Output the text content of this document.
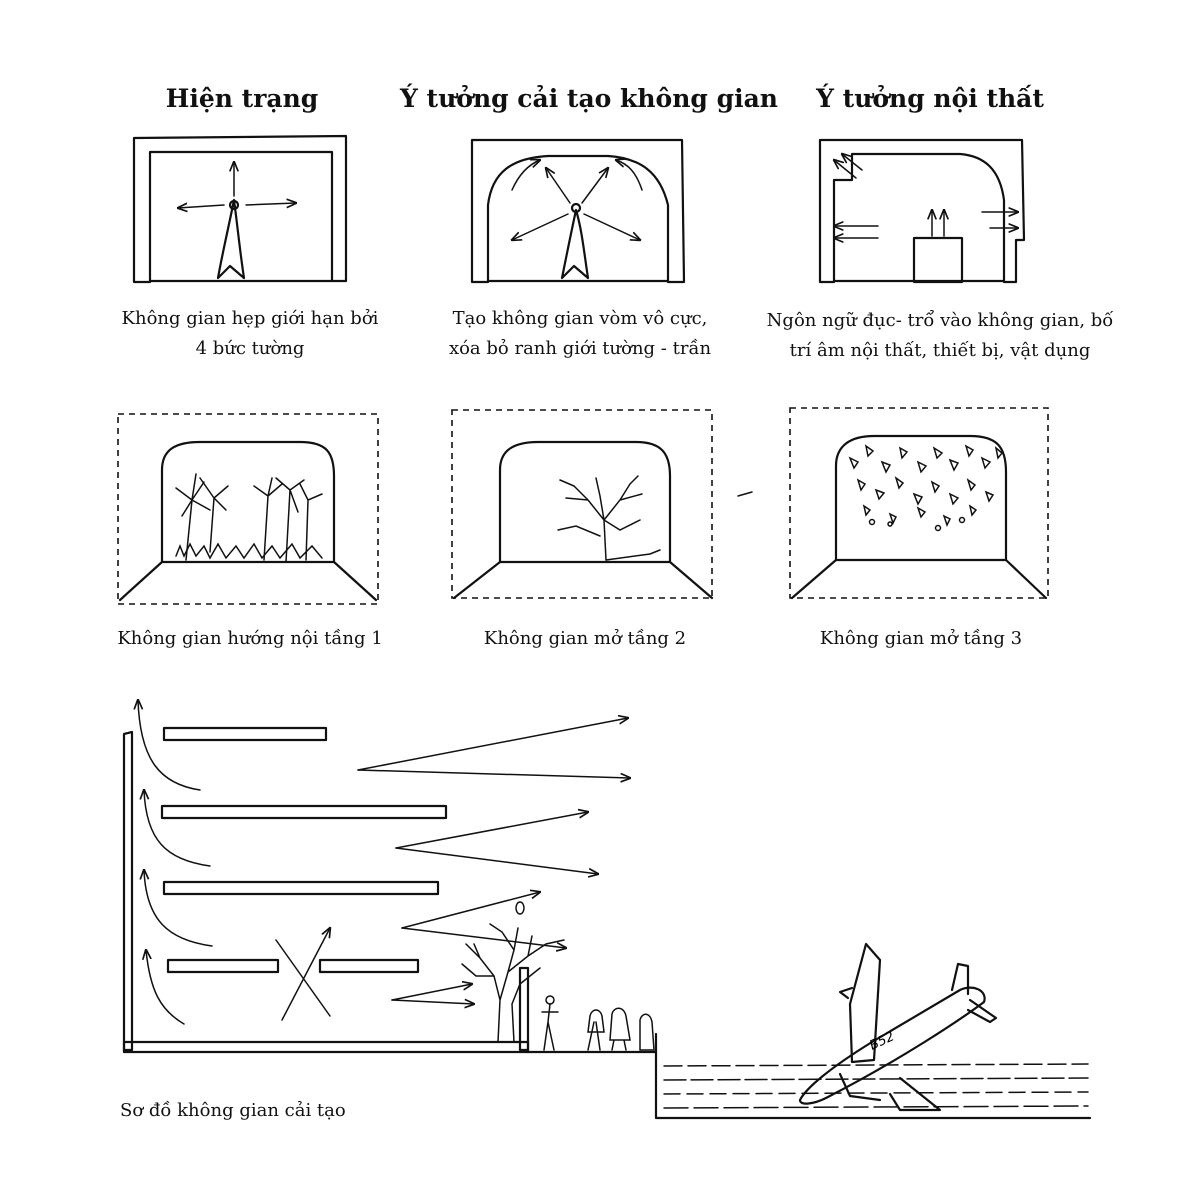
Hiện trạng	Ý tưởng cải tạo không gian Ý tưởng nội thất
B52
Không gian hẹp giới hạn bởi
4 bức tường
Tạo không gian vòm vô cực,
xóa bỏ ranh giới tường - trần
Ngôn ngữ đục- trổ vào không gian, bố
trí âm nội thất, thiết bị, vật dụng
Không gian hướng nội tầng 1	Không gian mở tầng 2	Không gian mở tầng 3
Sơ đồ không gian cải tạo
